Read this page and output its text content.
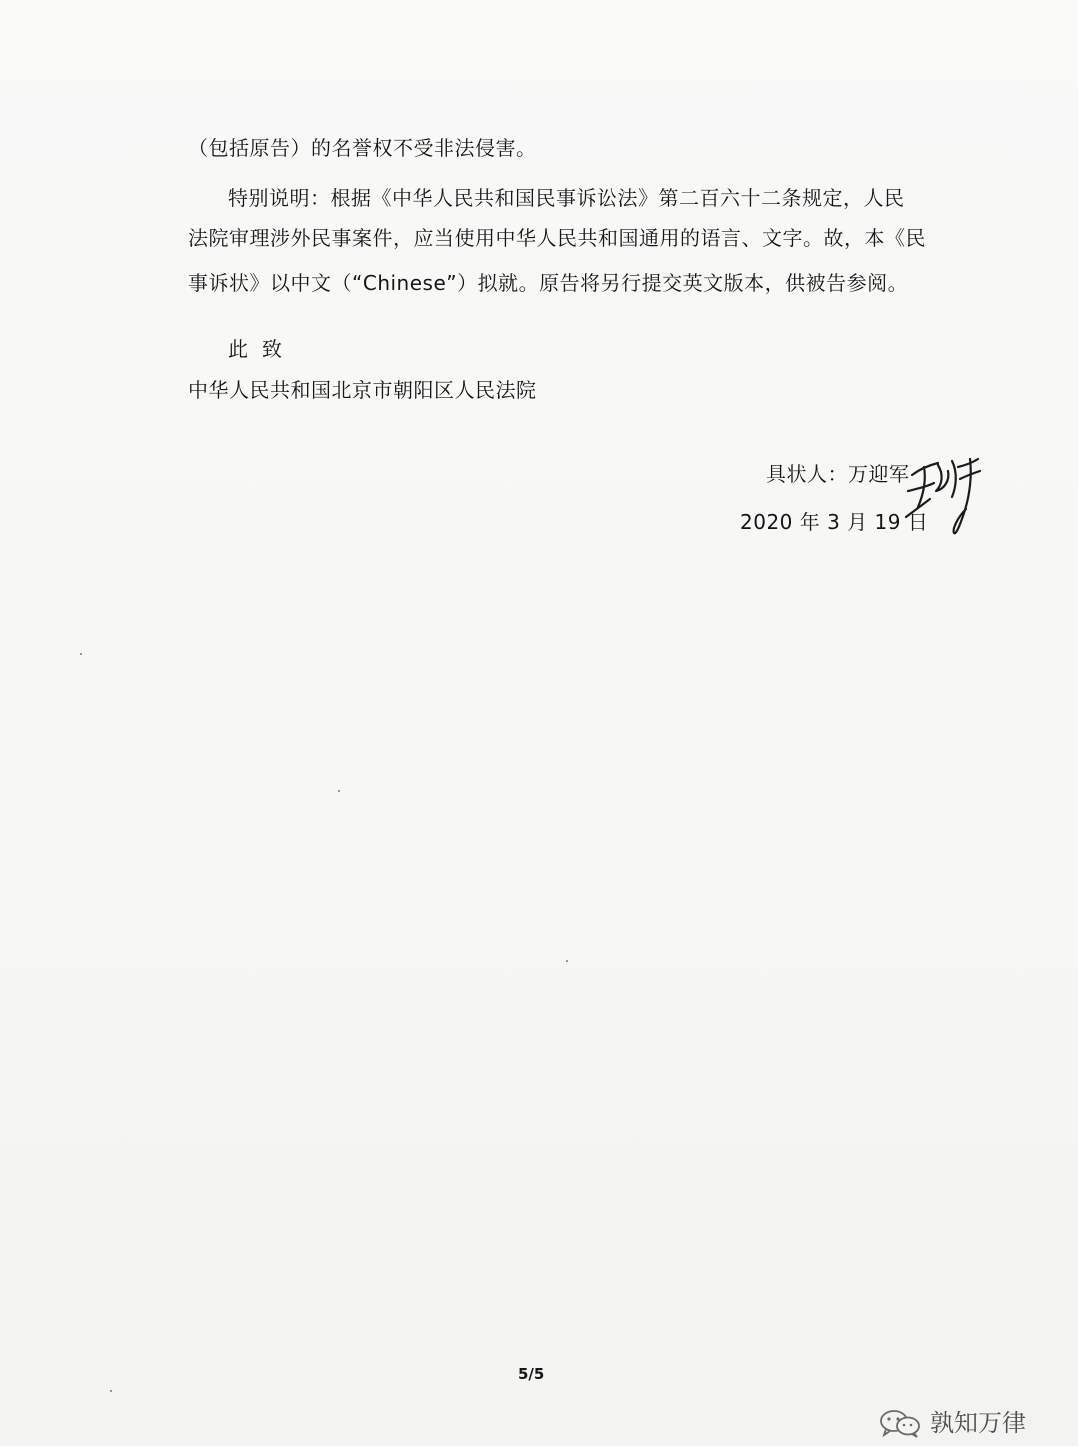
（包括原告）的名誉权不受非法侵害。
特别说明：根据《中华人民共和国民事诉讼法》第二百六十二条规定，人民
法院审理涉外民事案件，应当使用中华人民共和国通用的语言、文字。故，本《民
事诉状》以中文（“Chinese”）拟就。原告将另行提交英文版本，供被告参阅。
此致
中华人民共和国北京市朝阳区人民法院
具状人：万迎军
2020 年 3 月 19 日
5/5
孰知万律
